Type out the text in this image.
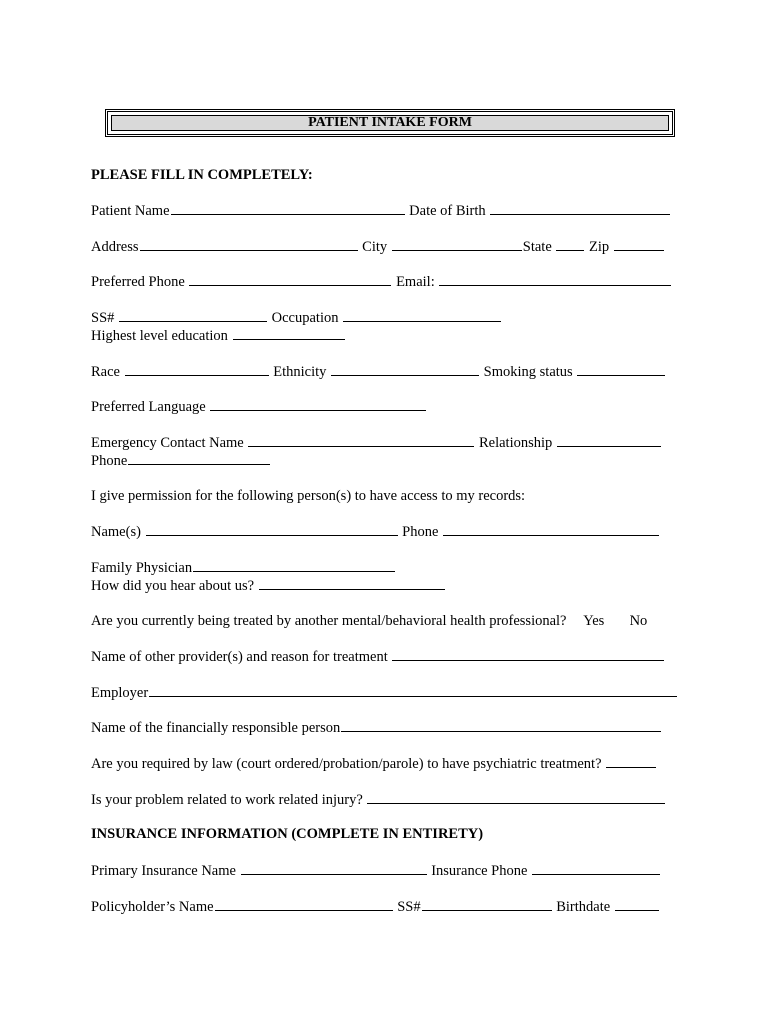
PATIENT INTAKE FORM
PLEASE FILL IN COMPLETELY:
Patient Name	Date of Birth
Address	City	State	Zip
Preferred Phone	Email:
SS#	Occupation
Highest level education
Race	Ethnicity	Smoking status
Preferred Language
Emergency Contact Name	Relationship
Phone
I give permission for the following person(s) to have access to my records:
Name(s)	Phone
Family Physician
How did you hear about us?
Are you currently being treated by another mental/behavioral health professional? Yes No
Name of other provider(s) and reason for treatment
Employer
Name of the financially responsible person
Are you required by law (court ordered/probation/parole) to have psychiatric treatment?
Is your problem related to work related injury?
INSURANCE INFORMATION (COMPLETE IN ENTIRETY)
Primary Insurance Name	Insurance Phone
Policyholder’s Name	SS#	Birthdate
